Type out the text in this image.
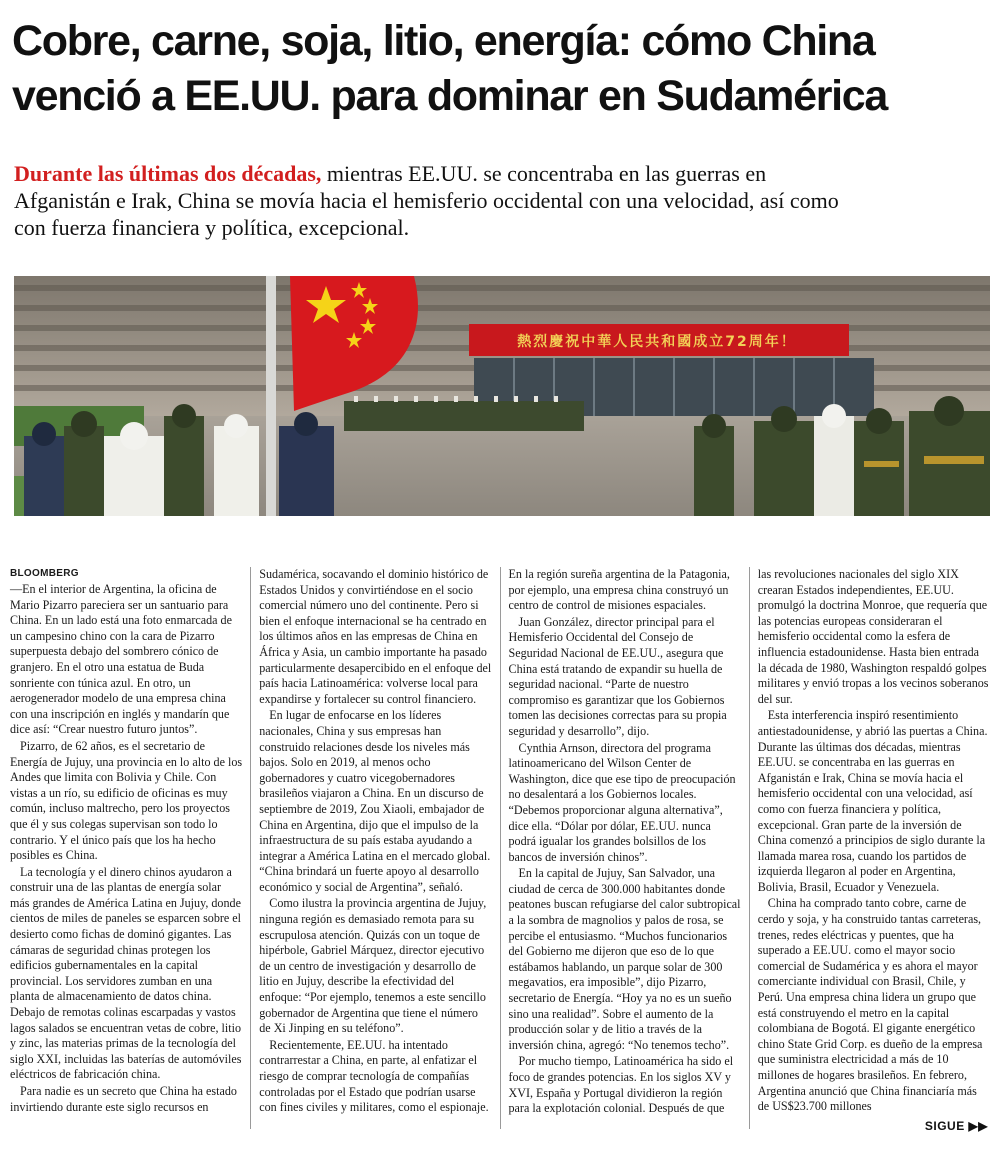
Cobre, carne, soja, litio, energía: cómo China venció a EE.UU. para dominar en Sudamérica
Durante las últimas dos décadas, mientras EE.UU. se concentraba en las guerras en Afganistán e Irak, China se movía hacia el hemisferio occidental con una velocidad, así como con fuerza financiera y política, excepcional.
熱烈慶祝中華人民共和國成立72周年！
BLOOMBERG

—En el interior de Argentina, la oficina de Mario Pizarro pareciera ser un santuario para China. En un lado está una foto enmarcada de un campesino chino con la cara de Pizarro superpuesta debajo del sombrero cónico de granjero. En el otro una estatua de Buda sonriente con túnica azul. En otro, un aerogenerador modelo de una empresa china con una inscripción en inglés y mandarín que dice así: “Crear nuestro futuro juntos”.

Pizarro, de 62 años, es el secretario de Energía de Jujuy, una provincia en lo alto de los Andes que limita con Bolivia y Chile. Con vistas a un río, su edificio de oficinas es muy común, incluso maltrecho, pero los proyectos que él y sus colegas supervisan son todo lo contrario. Y el único país que los ha hecho posibles es China.

La tecnología y el dinero chinos ayudaron a construir una de las plantas de energía solar más grandes de América Latina en Jujuy, donde cientos de miles de paneles se esparcen sobre el desierto como fichas de dominó gigantes. Las cámaras de seguridad chinas protegen los edificios gubernamentales en la capital provincial. Los servidores zumban en una planta de almacenamiento de datos china. Debajo de remotas colinas escarpadas y vastos lagos salados se encuentran vetas de cobre, litio y zinc, las materias primas de la tecnología del siglo XXI, incluidas las baterías de automóviles eléctricos de fabricación china.

Para nadie es un secreto que China ha estado invirtiendo durante este siglo recursos en Sudamérica, socavando el dominio histórico de Estados Unidos y convirtiéndose en el socio comercial número uno del continente. Pero si bien el enfoque internacional se ha centrado en los últimos años en las empresas de China en África y Asia, un cambio importante ha pasado particularmente desapercibido en el enfoque del país hacia Latinoamérica: volverse local para expandirse y fortalecer su control financiero.

En lugar de enfocarse en los líderes nacionales, China y sus empresas han construido relaciones desde los niveles más bajos. Solo en 2019, al menos ocho gobernadores y cuatro vicegobernadores brasileños viajaron a China. En un discurso de septiembre de 2019, Zou Xiaoli, embajador de China en Argentina, dijo que el impulso de la infraestructura de su país estaba ayudando a integrar a América Latina en el mercado global. “China brindará un fuerte apoyo al desarrollo económico y social de Argentina”, señaló.

Como ilustra la provincia argentina de Jujuy, ninguna región es demasiado remota para su escrupulosa atención. Quizás con un toque de hipérbole, Gabriel Márquez, director ejecutivo de un centro de investigación y desarrollo de litio en Jujuy, describe la efectividad del enfoque: “Por ejemplo, tenemos a este sencillo gobernador de Argentina que tiene el número de Xi Jinping en su teléfono”.

Recientemente, EE.UU. ha intentado contrarrestar a China, en parte, al enfatizar el riesgo de comprar tecnología de compañías controladas por el Estado que podrían usarse con fines civiles y militares, como el espionaje. En la región sureña argentina de la Patagonia, por ejemplo, una empresa china construyó un centro de control de misiones espaciales.

Juan González, director principal para el Hemisferio Occidental del Consejo de Seguridad Nacional de EE.UU., asegura que China está tratando de expandir su huella de seguridad nacional. “Parte de nuestro compromiso es garantizar que los Gobiernos tomen las decisiones correctas para su propia seguridad y desarrollo”, dijo.

Cynthia Arnson, directora del programa latinoamericano del Wilson Center de Washington, dice que ese tipo de preocupación no desalentará a los Gobiernos locales. “Debemos proporcionar alguna alternativa”, dice ella. “Dólar por dólar, EE.UU. nunca podrá igualar los grandes bolsillos de los bancos de inversión chinos”.

En la capital de Jujuy, San Salvador, una ciudad de cerca de 300.000 habitantes donde peatones buscan refugiarse del calor subtropical a la sombra de magnolios y palos de rosa, se percibe el entusiasmo. “Muchos funcionarios del Gobierno me dijeron que eso de lo que estábamos hablando, un parque solar de 300 megavatios, era imposible”, dijo Pizarro, secretario de Energía. “Hoy ya no es un sueño sino una realidad”. Sobre el aumento de la producción solar y de litio a través de la inversión china, agregó: “No tenemos techo”.

Por mucho tiempo, Latinoamérica ha sido el foco de grandes potencias. En los siglos XV y XVI, España y Portugal dividieron la región para la explotación colonial. Después de que las revoluciones nacionales del siglo XIX crearan Estados independientes, EE.UU. promulgó la doctrina Monroe, que requería que las potencias europeas consideraran el hemisferio occidental como la esfera de influencia estadounidense. Hasta bien entrada la década de 1980, Washington respaldó golpes militares y envió tropas a los vecinos soberanos del sur.

Esta interferencia inspiró resentimiento antiestadounidense, y abrió las puertas a China. Durante las últimas dos décadas, mientras EE.UU. se concentraba en las guerras en Afganistán e Irak, China se movía hacia el hemisferio occidental con una velocidad, así como con fuerza financiera y política, excepcional. Gran parte de la inversión de China comenzó a principios de siglo durante la llamada marea rosa, cuando los partidos de izquierda llegaron al poder en Argentina, Bolivia, Brasil, Ecuador y Venezuela.

China ha comprado tanto cobre, carne de cerdo y soja, y ha construido tantas carreteras, trenes, redes eléctricas y puentes, que ha superado a EE.UU. como el mayor socio comercial de Sudamérica y es ahora el mayor comerciante individual con Brasil, Chile, y Perú. Una empresa china lidera un grupo que está construyendo el metro en la capital colombiana de Bogotá. El gigante energético chino State Grid Corp. es dueño de la empresa que suministra electricidad a más de 10 millones de hogares brasileños. En febrero, Argentina anunció que China financiaría más de US$23.700 millones

SIGUE ▶▶
